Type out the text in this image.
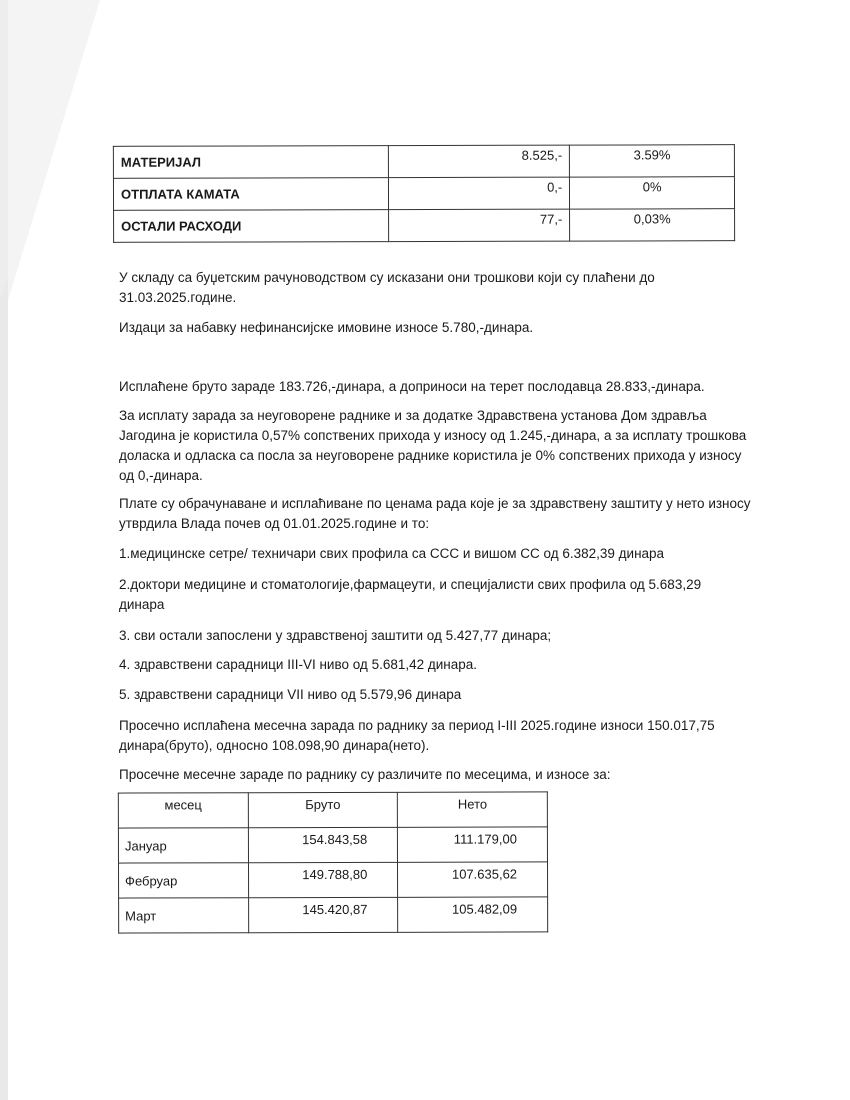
МАТЕРИЈАЛ	8.525,-	3.59%
ОТПЛАТА КАМАТА	0,-	0%
ОСТАЛИ РАСХОДИ	77,-	0,03%

У складу са буџетским рачуноводством су исказани они трошкови који су плаћени до 31.03.2025.године.

Издаци за набавку нефинансијске имовине износе 5.780,-динара.

Исплаћене бруто зараде 183.726,-динара, а доприноси на терет послодавца 28.833,-динара.

За исплату зарада за неуговорене раднике и за додатке Здравствена установа Дом здравља Јагодина је користила 0,57% сопствених прихода у износу од 1.245,-динара, а за исплату трошкова доласка и одласка са посла за неуговорене раднике користила је 0% сопствених прихода у износу од 0,-динара.

Плате су обрачунаване и исплаћиване по ценама рада које је за здравствену заштиту у нето износу утврдила Влада почев од 01.01.2025.године и то:

1.медицинске сетре/ техничари свих профила са ССС и вишом СС од 6.382,39 динара

2.доктори медицине и стоматологије,фармацеути, и специјалисти свих профила од 5.683,29 динара

3. сви остали запослени у здравственој заштити од 5.427,77 динара;

4. здравствени сарадници III-VI ниво од 5.681,42 динара.

5. здравствени сарадници VII ниво од 5.579,96 динара

Просечно исплаћена месечна зарада по раднику за период I-III 2025.године износи 150.017,75 динара(бруто), односно 108.098,90 динара(нето).

Просечне месечне зараде по раднику су различите по месецима, и износе за:

месец	Бруто	Нето
Јануар	154.843,58	111.179,00
Фебруар	149.788,80	107.635,62
Март	145.420,87	105.482,09
